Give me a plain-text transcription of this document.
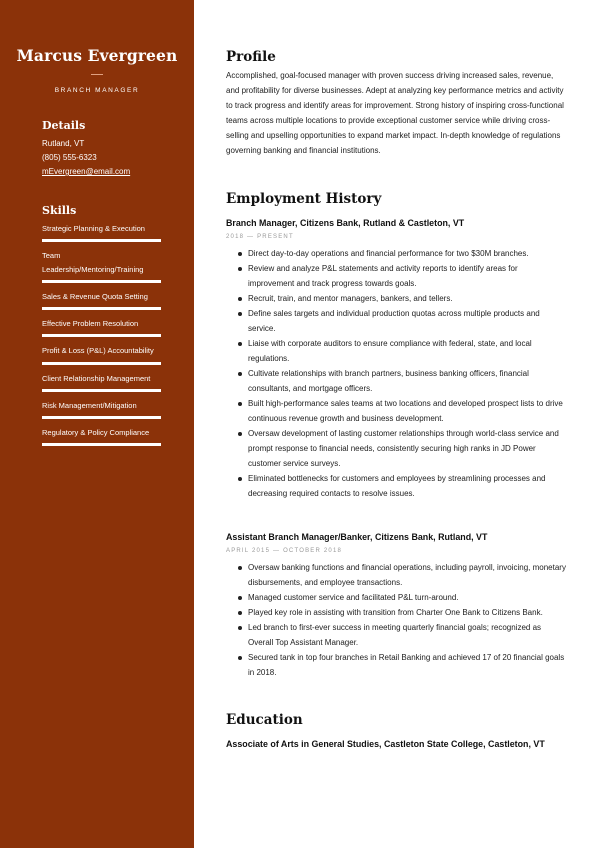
Marcus Evergreen
BRANCH MANAGER
Details
Rutland, VT
(805) 555-6323
mEvergreen@email.com
Skills
Strategic Planning & Execution
Team Leadership/Mentoring/Training
Sales & Revenue Quota Setting
Effective Problem Resolution
Profit & Loss (P&L) Accountability
Client Relationship Management
Risk Management/Mitigation
Regulatory & Policy Compliance
Profile
Accomplished, goal-focused manager with proven success driving increased sales, revenue, and profitability for diverse businesses. Adept at analyzing key performance metrics and activity to track progress and identify areas for improvement. Strong history of inspiring cross-functional teams across multiple locations to provide exceptional customer service while driving cross-selling and upselling opportunities to expand market impact. In-depth knowledge of regulations governing banking and financial institutions.
Employment History
Branch Manager, Citizens Bank, Rutland & Castleton, VT
2018 — PRESENT
Direct day-to-day operations and financial performance for two $30M branches.
Review and analyze P&L statements and activity reports to identify areas for improvement and track progress towards goals.
Recruit, train, and mentor managers, bankers, and tellers.
Define sales targets and individual production quotas across multiple products and service.
Liaise with corporate auditors to ensure compliance with federal, state, and local regulations.
Cultivate relationships with branch partners, business banking officers, financial consultants, and mortgage officers.
Built high-performance sales teams at two locations and developed prospect lists to drive continuous revenue growth and business development.
Oversaw development of lasting customer relationships through world-class service and prompt response to financial needs, consistently securing high ranks in JD Power customer service surveys.
Eliminated bottlenecks for customers and employees by streamlining processes and decreasing required contacts to resolve issues.
Assistant Branch Manager/Banker, Citizens Bank, Rutland, VT
APRIL 2015 — OCTOBER 2018
Oversaw banking functions and financial operations, including payroll, invoicing, monetary disbursements, and employee transactions.
Managed customer service and facilitated P&L turn-around.
Played key role in assisting with transition from Charter One Bank to Citizens Bank.
Led branch to first-ever success in meeting quarterly financial goals; recognized as Overall Top Assistant Manager.
Secured tank in top four branches in Retail Banking and achieved 17 of 20 financial goals in 2018.
Education
Associate of Arts in General Studies, Castleton State College, Castleton, VT
